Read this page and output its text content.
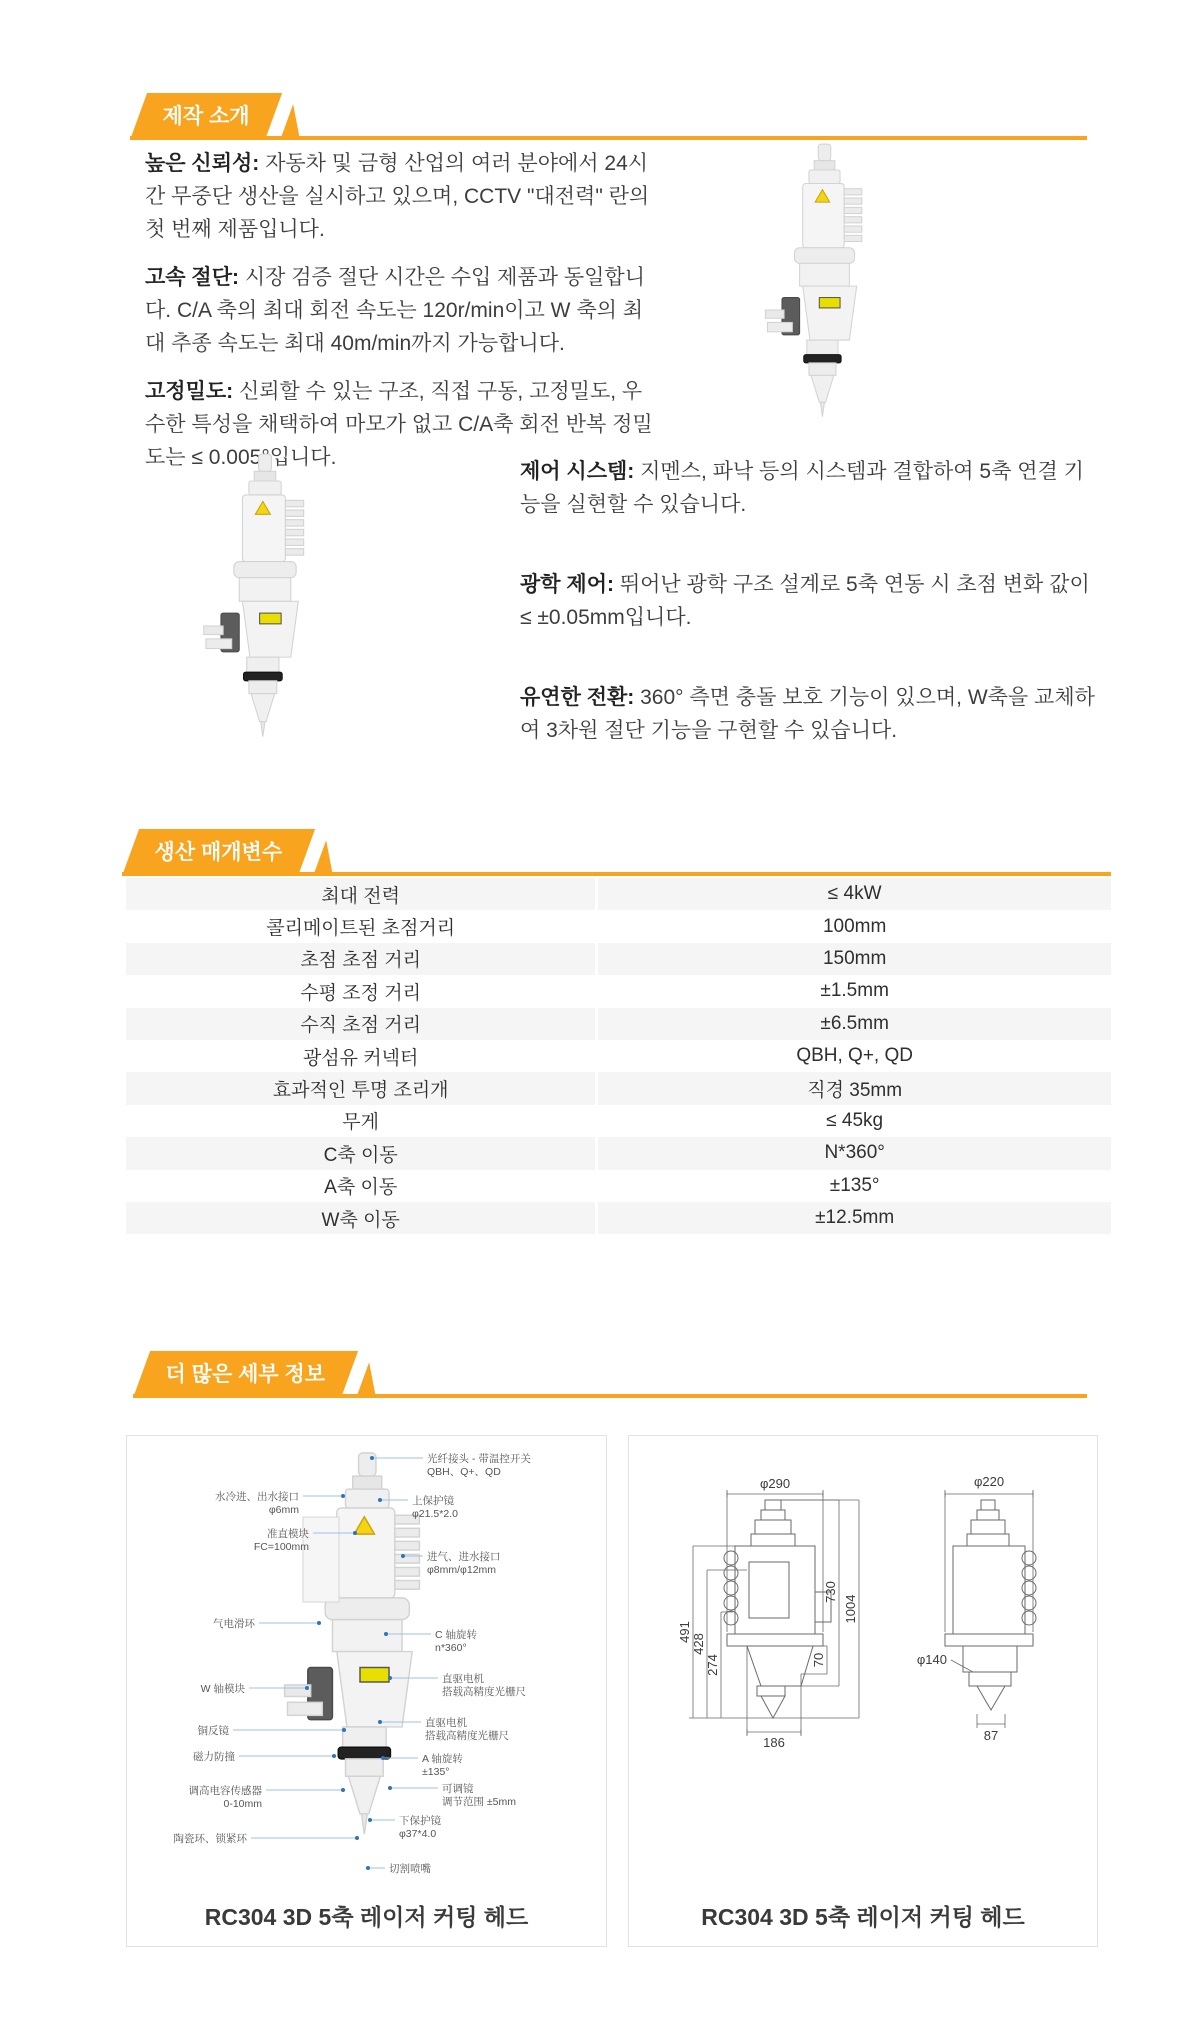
제작 소개

높은 신뢰성: 자동차 및 금형 산업의 여러 분야에서 24시간 무중단 생산을 실시하고 있으며, CCTV "대전력" 란의 첫 번째 제품입니다.

고속 절단: 시장 검증 절단 시간은 수입 제품과 동일합니다. C/A 축의 최대 회전 속도는 120r/min이고 W 축의 최대 추종 속도는 최대 40m/min까지 가능합니다.

고정밀도: 신뢰할 수 있는 구조, 직접 구동, 고정밀도, 우수한 특성을 채택하여 마모가 없고 C/A축 회전 반복 정밀도는 ≤ 0.005°입니다.

제어 시스템: 지멘스, 파낙 등의 시스템과 결합하여 5축 연결 기능을 실현할 수 있습니다.

광학 제어: 뛰어난 광학 구조 설계로 5축 연동 시 초점 변화 값이 ≤ ±0.05mm입니다.

유연한 전환: 360° 측면 충돌 보호 기능이 있으며, W축을 교체하여 3차원 절단 기능을 구현할 수 있습니다.

생산 매개변수
최대 전력	≤ 4kW
콜리메이트된 초점거리	100mm
초점 초점 거리	150mm
수평 조정 거리	±1.5mm
수직 초점 거리	±6.5mm
광섬유 커넥터	QBH, Q+, QD
효과적인 투명 조리개	직경 35mm
무게	≤ 45kg
C축 이동	N*360°
A축 이동	±135°
W축 이동	±12.5mm
더 많은 세부 정보
光纤接头 - 带温控开关
QBH、Q+、QD
上保护镜
φ21.5*2.0
进气、进水接口
φ8mm/φ12mm
C 轴旋转
n*360°
直驱电机
搭载高精度光栅尺
直驱电机
搭载高精度光栅尺
A 轴旋转
±135°
可调镜
调节范围 ±5mm
下保护镜
φ37*4.0
切割喷嘴
水冷进、出水接口
φ6mm
准直模块
FC=100mm
气电滑环
W 轴模块
铜反镜
磁力防撞
调高电容传感器
0-10mm
陶瓷环、锁紧环
RC304 3D 5축 레이저 커팅 헤드
φ290
730
1004
491
428
274	70
186
φ220
φ140
87
RC304 3D 5축 레이저 커팅 헤드
